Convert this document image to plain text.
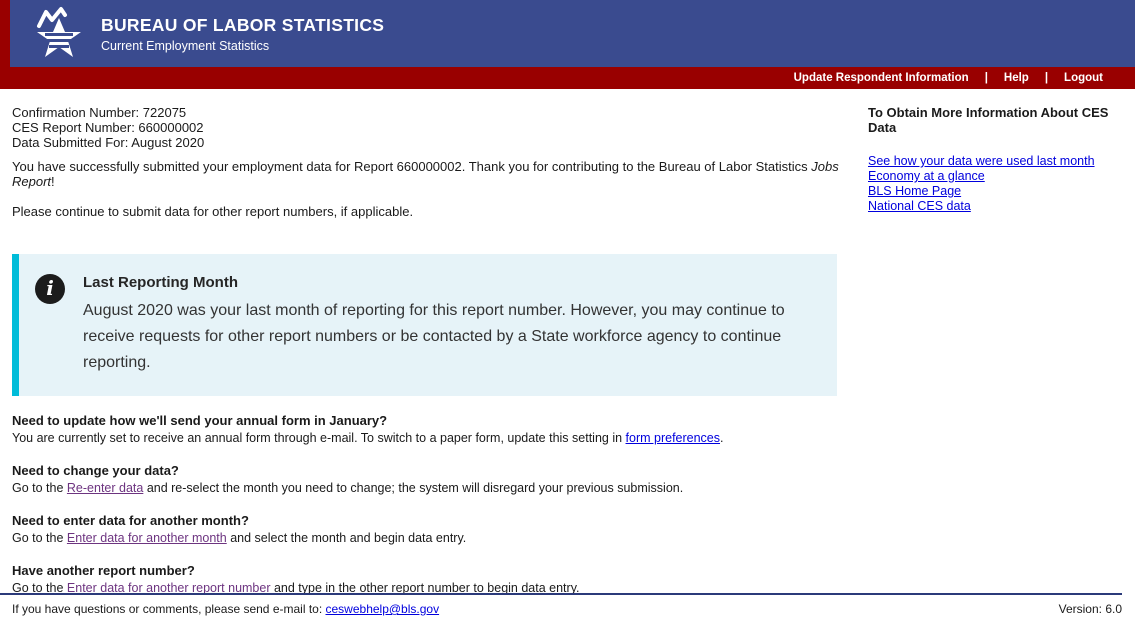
BUREAU OF LABOR STATISTICS
Current Employment Statistics
Update Respondent Information | Help | Logout
Confirmation Number: 722075
CES Report Number: 660000002
Data Submitted For: August 2020
You have successfully submitted your employment data for Report 660000002. Thank you for contributing to the Bureau of Labor Statistics Jobs Report!
Please continue to submit data for other report numbers, if applicable.
i	Last Reporting Month
August 2020 was your last month of reporting for this report number. However, you may continue to receive requests for other report numbers or be contacted by a State workforce agency to continue reporting.
Need to update how we'll send your annual form in January?

You are currently set to receive an annual form through e-mail. To switch to a paper form, update this setting in form preferences.

Need to change your data?

Go to the Re-enter data and re-select the month you need to change; the system will disregard your previous submission.

Need to enter data for another month?

Go to the Enter data for another month and select the month and begin data entry.

Have another report number?

Go to the Enter data for another report number and type in the other report number to begin data entry.

To Obtain More Information About CES Data
See how your data were used last month
Economy at a glance
BLS Home Page
National CES data
If you have questions or comments, please send e-mail to: ceswebhelp@bls.gov	Version: 6.0
